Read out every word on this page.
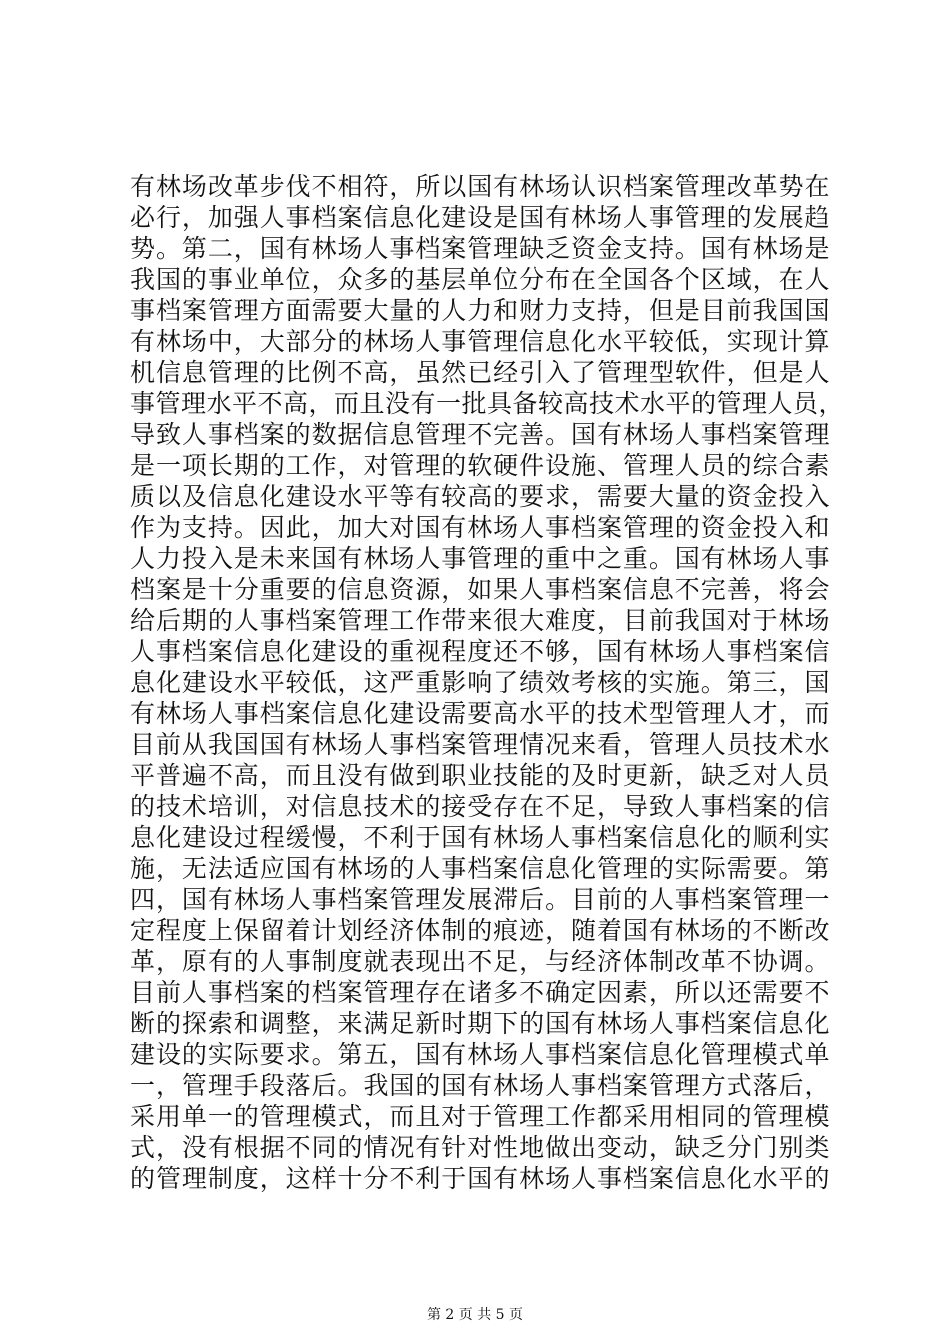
有林场改革步伐不相符，所以国有林场认识档案管理改革势在
必行，加强人事档案信息化建设是国有林场人事管理的发展趋
势。第二，国有林场人事档案管理缺乏资金支持。国有林场是
我国的事业单位，众多的基层单位分布在全国各个区域，在人
事档案管理方面需要大量的人力和财力支持，但是目前我国国
有林场中，大部分的林场人事管理信息化水平较低，实现计算
机信息管理的比例不高，虽然已经引入了管理型软件，但是人
事管理水平不高，而且没有一批具备较高技术水平的管理人员，
导致人事档案的数据信息管理不完善。国有林场人事档案管理
是一项长期的工作，对管理的软硬件设施、管理人员的综合素
质以及信息化建设水平等有较高的要求，需要大量的资金投入
作为支持。因此，加大对国有林场人事档案管理的资金投入和
人力投入是未来国有林场人事管理的重中之重。国有林场人事
档案是十分重要的信息资源，如果人事档案信息不完善，将会
给后期的人事档案管理工作带来很大难度，目前我国对于林场
人事档案信息化建设的重视程度还不够，国有林场人事档案信
息化建设水平较低，这严重影响了绩效考核的实施。第三，国
有林场人事档案信息化建设需要高水平的技术型管理人才，而
目前从我国国有林场人事档案管理情况来看，管理人员技术水
平普遍不高，而且没有做到职业技能的及时更新，缺乏对人员
的技术培训，对信息技术的接受存在不足，导致人事档案的信
息化建设过程缓慢，不利于国有林场人事档案信息化的顺利实
施，无法适应国有林场的人事档案信息化管理的实际需要。第
四，国有林场人事档案管理发展滞后。目前的人事档案管理一
定程度上保留着计划经济体制的痕迹，随着国有林场的不断改
革，原有的人事制度就表现出不足，与经济体制改革不协调。
目前人事档案的档案管理存在诸多不确定因素，所以还需要不
断的探索和调整，来满足新时期下的国有林场人事档案信息化
建设的实际要求。第五，国有林场人事档案信息化管理模式单
一，管理手段落后。我国的国有林场人事档案管理方式落后，
采用单一的管理模式，而且对于管理工作都采用相同的管理模
式，没有根据不同的情况有针对性地做出变动，缺乏分门别类
的管理制度，这样十分不利于国有林场人事档案信息化水平的
第 2 页 共 5 页
